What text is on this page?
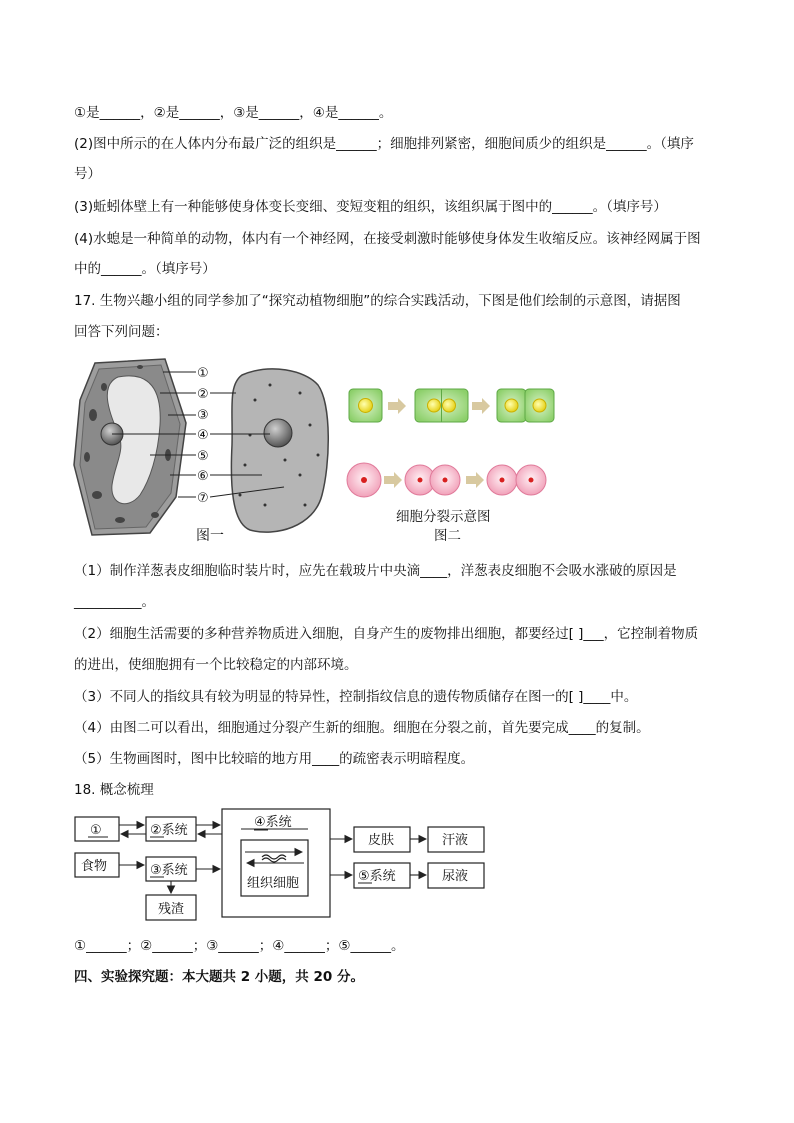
①是______，②是______，③是______，④是______。
(2)图中所示的在人体内分布最广泛的组织是______；细胞排列紧密，细胞间质少的组织是______。（填序
号）
(3)蚯蚓体壁上有一种能够使身体变长变细、变短变粗的组织，该组织属于图中的______。（填序号）
(4)水螅是一种简单的动物，体内有一个神经网，在接受刺激时能够使身体发生收缩反应。该神经网属于图
中的______。（填序号）
17. 生物兴趣小组的同学参加了“探究动植物细胞”的综合实践活动，下图是他们绘制的示意图，请据图
回答下列问题：
①
②
③
④
⑤
⑥
⑦
图一
细胞分裂示意图
图二
（1）制作洋葱表皮细胞临时装片时，应先在载玻片中央滴____，洋葱表皮细胞不会吸水涨破的原因是
__________。
（2）细胞生活需要的多种营养物质进入细胞，自身产生的废物排出细胞，都要经过[ ]___，它控制着物质
的进出，使细胞拥有一个比较稳定的内部环境。
（3）不同人的指纹具有较为明显的特异性，控制指纹信息的遗传物质储存在图一的[ ]____中。
（4）由图二可以看出，细胞通过分裂产生新的细胞。细胞在分裂之前，首先要完成____的复制。
（5）生物画图时，图中比较暗的地方用____的疏密表示明暗程度。
18. 概念梳理
①	②系统
食物	③系统
残渣
④系统
组织细胞
皮肤	汗液
⑤系统	尿液
①______；②______；③______；④______；⑤______。
四、实验探究题：本大题共 2 小题，共 20 分。
